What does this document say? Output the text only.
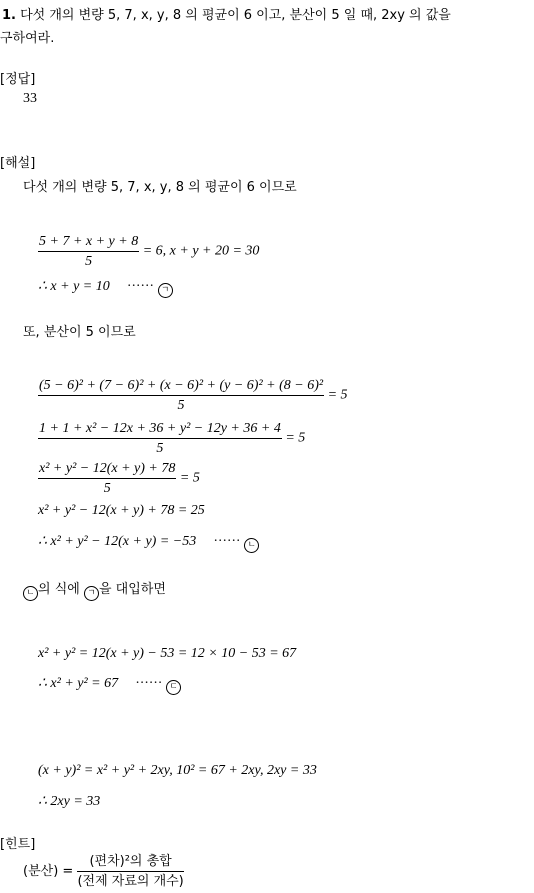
1. 다섯 개의 변량 5, 7, x, y, 8 의 평균이 6 이고, 분산이 5 일 때, 2xy 의 값을
구하여라.
[정답]
33
[해설]
다섯 개의 변량 5, 7, x, y, 8 의 평균이 6 이므로
$\frac{5 + 7 + x + y + 8}{5} = 6$, x + y + 20 = 30
∴ x + y = 10 ······ ㄱ
또, 분산이 5 이므로
$\frac{\text{(5 − 6)² + (7 − 6)² + (x − 6)² + (y − 6)² + (8 − 6)²}}{5} = 5$
$\frac{\text{1 + 1 + x² − 12x + 36 + y² − 12y + 36 + 4}}{5} = 5$
$\frac{\text{x² + y² − 12(x + y) + 78}}{5} = 5$
x² + y² − 12(x + y) + 78 = 25
∴ x² + y² − 12(x + y) = −53 ······ ㄴ
ㄴ 의 식에 ㄱ 을 대입하면
x² + y² = 12(x + y) − 53 = 12 × 10 − 53 = 67
∴ x² + y² = 67 ······ ㄷ
(x + y)² = x² + y² + 2xy, 10² = 67 + 2xy, 2xy = 33
∴ 2xy = 33
[힌트]
(분산) = $\frac{\text{(편차)²의 총합}}{\text{(전제 자료의 개수)}}$
